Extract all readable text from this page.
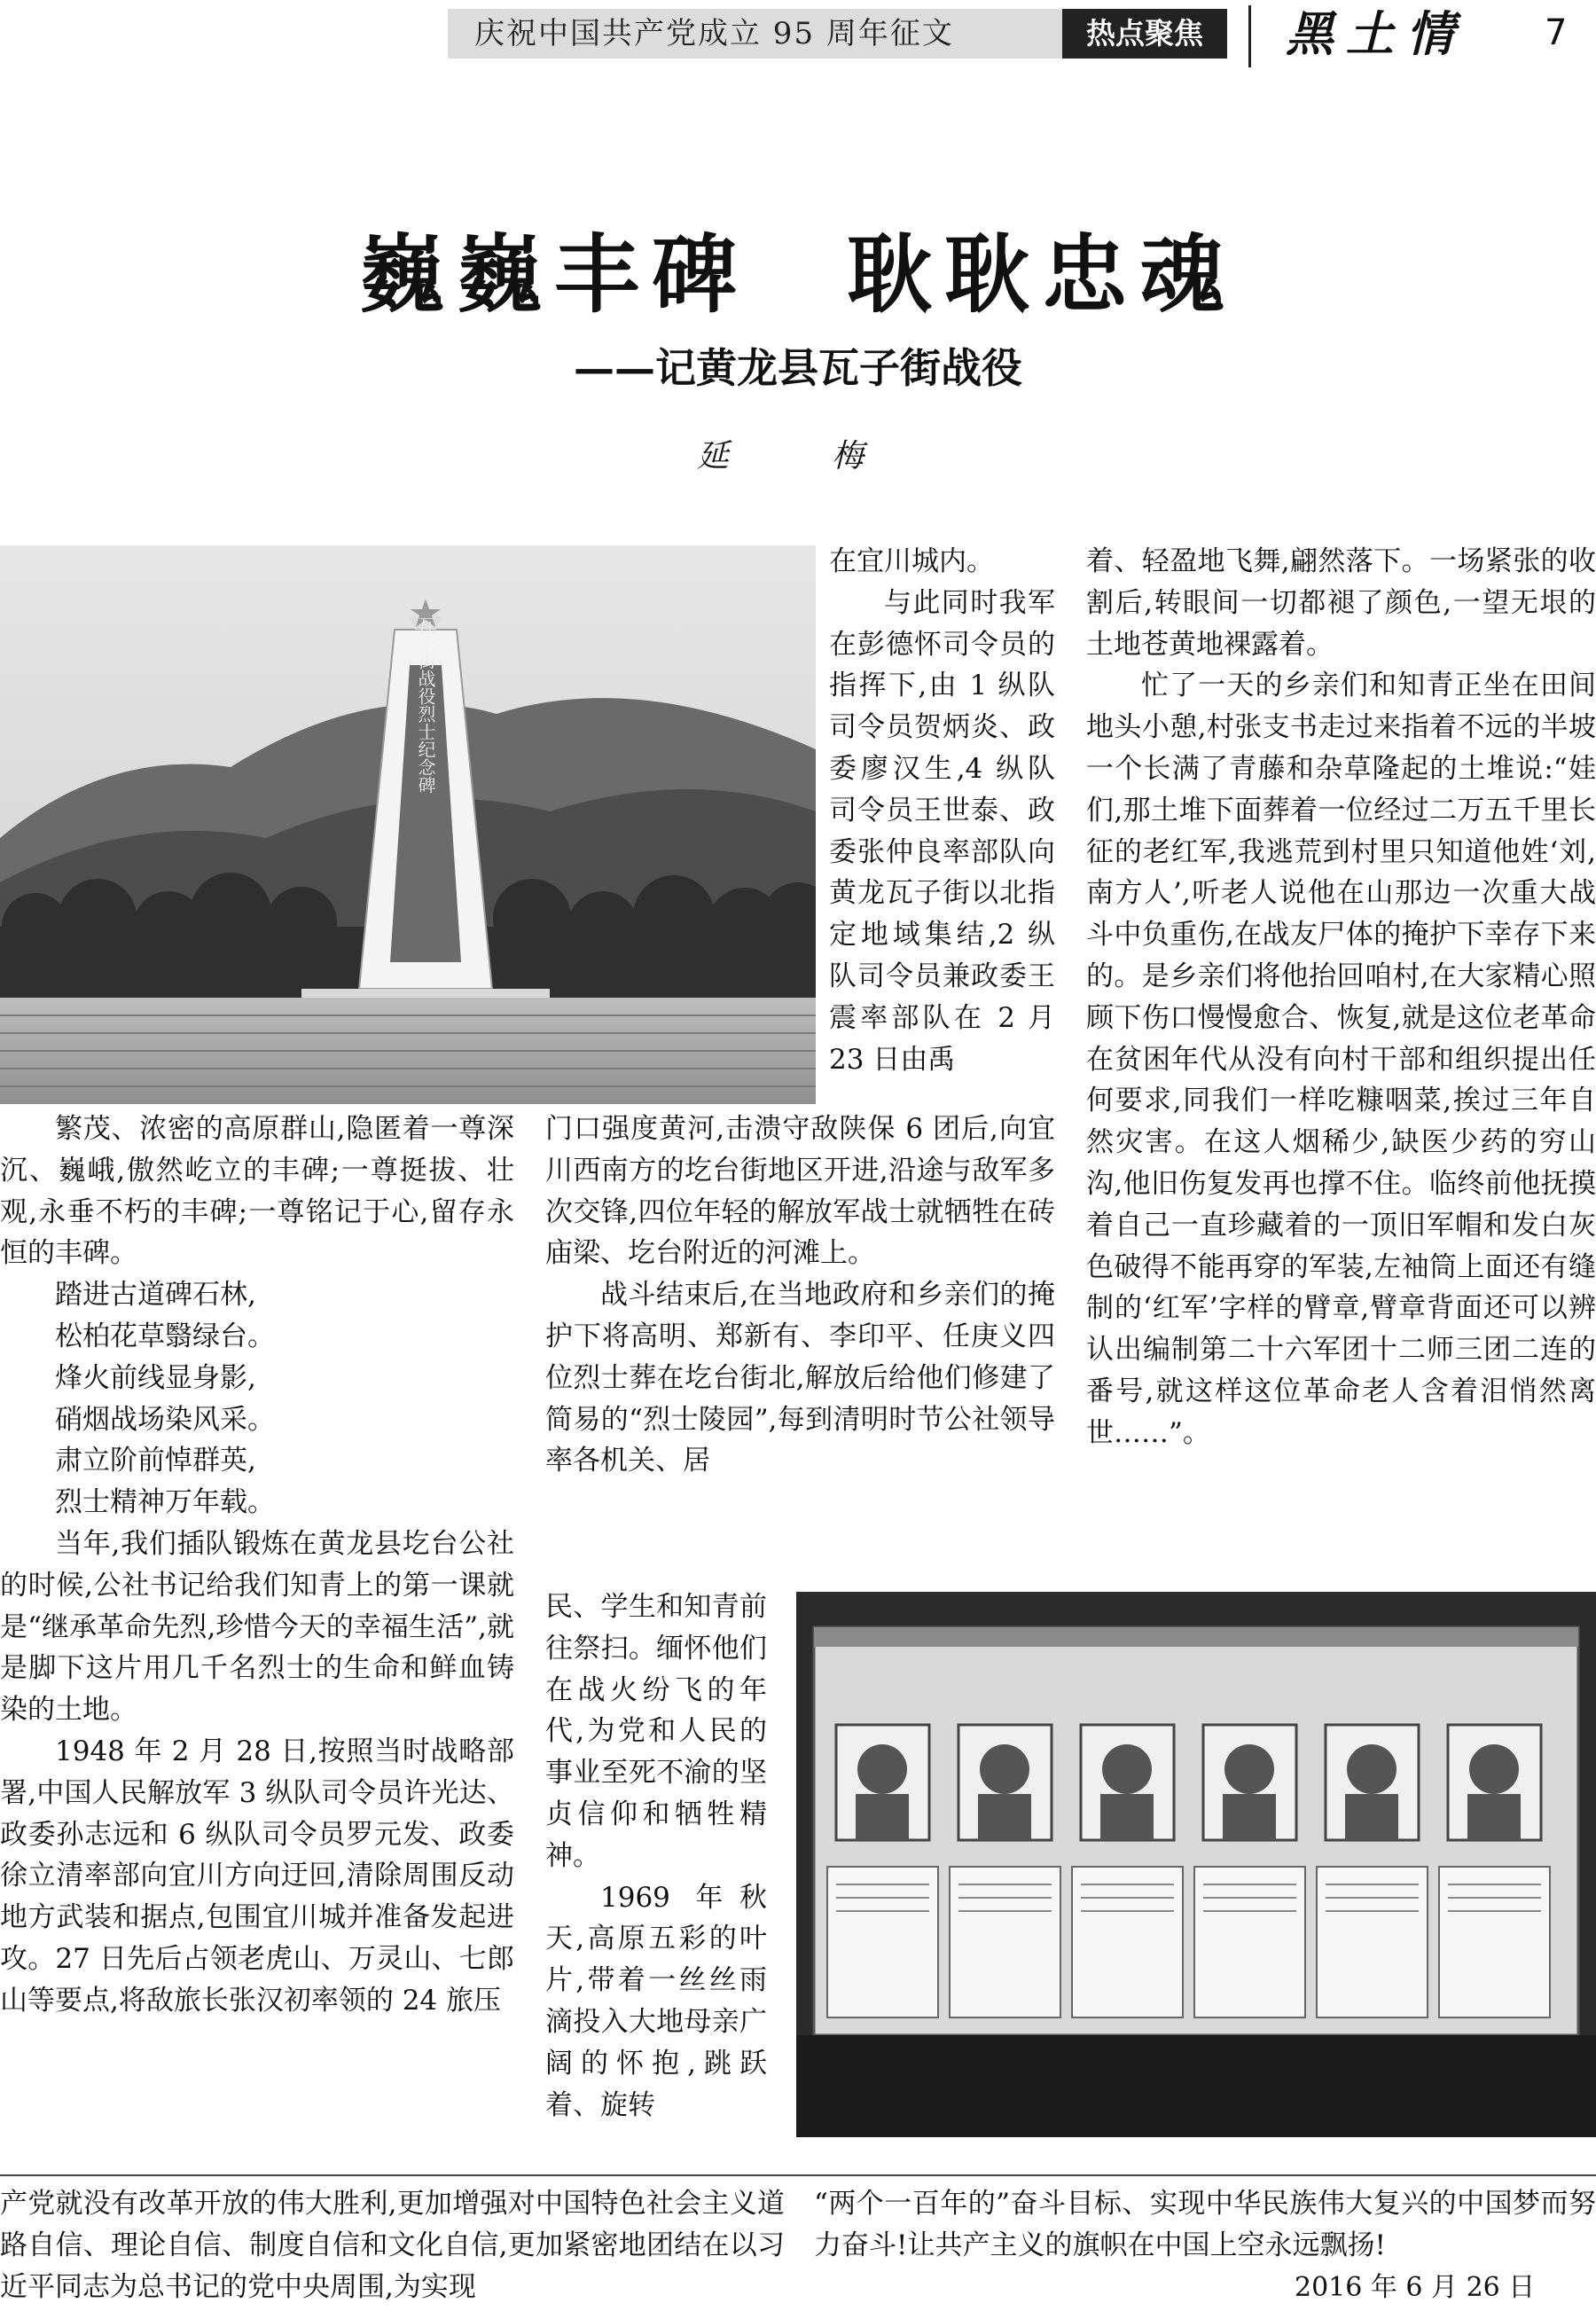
庆祝中国共产党成立 95 周年征文	热点聚焦	黑土情 7
巍巍丰碑　耿耿忠魂
——记黄龙县瓦子街战役
延　梅
瓦子街战役烈士纪念碑

繁茂、浓密的高原群山,隐匿着一尊深沉、巍峨,傲然屹立的丰碑;一尊挺拔、壮观,永垂不朽的丰碑;一尊铭记于心,留存永恒的丰碑。

踏进古道碑石林,

松柏花草翳绿台。

烽火前线显身影,

硝烟战场染风采。

肃立阶前悼群英,

烈士精神万年载。

当年,我们插队锻炼在黄龙县圪台公社的时候,公社书记给我们知青上的第一课就是“继承革命先烈,珍惜今天的幸福生活”,就是脚下这片用几千名烈士的生命和鲜血铸染的土地。

1948 年 2 月 28 日,按照当时战略部署,中国人民解放军 3 纵队司令员许光达、政委孙志远和 6 纵队司令员罗元发、政委徐立清率部向宜川方向迂回,清除周围反动地方武装和据点,包围宜川城并准备发起进攻。27 日先后占领老虎山、万灵山、七郎山等要点,将敌旅长张汉初率领的 24 旅压

在宜川城内。

与此同时我军在彭德怀司令员的指挥下,由 1 纵队司令员贺炳炎、政委廖汉生,4 纵队司令员王世泰、政委张仲良率部队向黄龙瓦子街以北指定地域集结,2 纵队司令员兼政委王震率部队在 2 月 23 日由禹

门口强度黄河,击溃守敌陕保 6 团后,向宜川西南方的圪台街地区开进,沿途与敌军多次交锋,四位年轻的解放军战士就牺牲在砖庙梁、圪台附近的河滩上。

战斗结束后,在当地政府和乡亲们的掩护下将高明、郑新有、李印平、任庚义四位烈士葬在圪台街北,解放后给他们修建了简易的“烈士陵园”,每到清明时节公社领导率各机关、居

民、学生和知青前往祭扫。缅怀他们在战火纷飞的年代,为党和人民的事业至死不渝的坚贞信仰和牺牲精神。

1969 年秋天,高原五彩的叶片,带着一丝丝雨滴投入大地母亲广阔的怀抱,跳跃着、旋转

着、轻盈地飞舞,翩然落下。一场紧张的收割后,转眼间一切都褪了颜色,一望无垠的土地苍黄地裸露着。

忙了一天的乡亲们和知青正坐在田间地头小憩,村张支书走过来指着不远的半坡一个长满了青藤和杂草隆起的土堆说:“娃们,那土堆下面葬着一位经过二万五千里长征的老红军,我逃荒到村里只知道他姓‘刘,南方人’,听老人说他在山那边一次重大战斗中负重伤,在战友尸体的掩护下幸存下来的。是乡亲们将他抬回咱村,在大家精心照顾下伤口慢慢愈合、恢复,就是这位老革命在贫困年代从没有向村干部和组织提出任何要求,同我们一样吃糠咽菜,挨过三年自然灾害。在这人烟稀少,缺医少药的穷山沟,他旧伤复发再也撑不住。临终前他抚摸着自己一直珍藏着的一顶旧军帽和发白灰色破得不能再穿的军装,左袖筒上面还有缝制的‘红军’字样的臂章,臂章背面还可以辨认出编制第二十六军团十二师三团二连的番号,就这样这位革命老人含着泪悄然离世……”。

产党就没有改革开放的伟大胜利,更加增强对中国特色社会主义道路自信、理论自信、制度自信和文化自信,更加紧密地团结在以习近平同志为总书记的党中央周围,为实现

“两个一百年的”奋斗目标、实现中华民族伟大复兴的中国梦而努力奋斗!让共产主义的旗帜在中国上空永远飘扬!

2016 年 6 月 26 日
